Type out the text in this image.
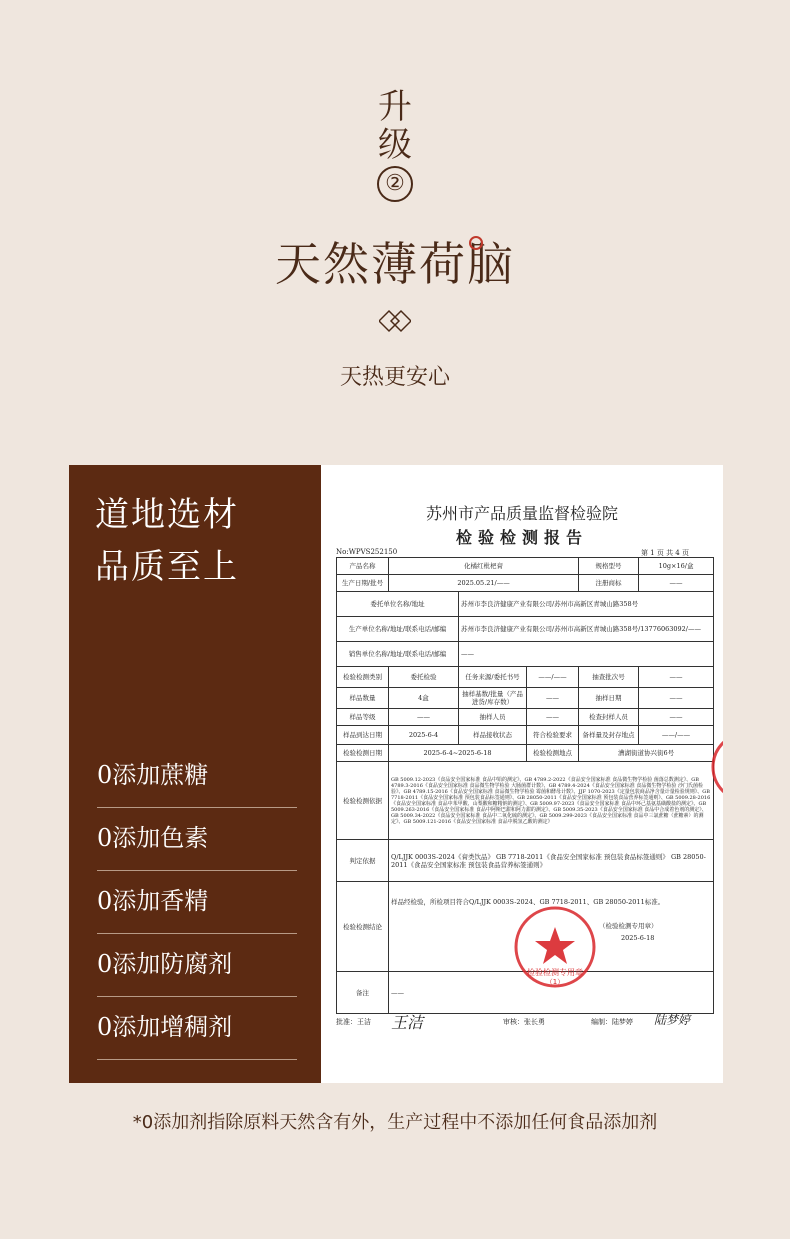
升
级
②
天然薄荷脑
天热更安心
道地选材
品质至上
0添加蔗糖
0添加色素
0添加香精
0添加防腐剂
0添加增稠剂
苏州市产品质量监督检验院
检验检测报告
No:WPVS252150	第 1 页 共 4 页
产品名称	化橘红枇杷膏			规格型号	10g×16/盒
生产日期/批号	2025.05.21/——			注册商标	——
委托单位名称/地址		苏州市李良济健康产业有限公司/苏州市高新区青城山路358号			
生产单位名称/地址/联系电话/邮编		苏州市李良济健康产业有限公司/苏州市高新区青城山路358号/13776063092/——			
销售单位名称/地址/联系电话/邮编		——			
检验检测类别	委托检验	任务来源/委托书号	——/——	抽查批次号	——
样品数量	4盒	抽样基数/批量（产品进货/库存数）	——	抽样日期	——
样品等级	——	抽样人员	——	检查封样人员	——
样品到达日期	2025-6-4	样品接收状态	符合检验要求	备样量及封存地点	——/——
检验检测日期	2025-6-4~2025-6-18		检验检测地点	漕湖街道协兴街6号	
检验检测依据	GB 5009.12-2023《食品安全国家标准 食品中铅的测定》、GB 4789.2-2022《食品安全国家标准 食品微生物学检验 菌落总数测定》、GB 4789.3-2016《食品安全国家标准 食品微生物学检验 大肠菌群计数》、GB 4789.4-2024《食品安全国家标准 食品微生物学检验 沙门氏菌检验》、GB 4789.15-2016《食品安全国家标准 食品微生物学检验 霉菌和酵母计数》、JJF 1070-2023《定量包装商品净含量计量检验规则》、GB 7718-2011《食品安全国家标准 预包装食品标签通则》、GB 28050-2011《食品安全国家标准 预包装食品营养标签通则》、GB 5009.28-2016《食品安全国家标准 食品中苯甲酸、山梨酸和糖精钠的测定》、GB 5009.97-2023《食品安全国家标准 食品中环己基氨基磺酸盐的测定》、GB 5009.263-2016《食品安全国家标准 食品中阿斯巴甜和阿力甜的测定》、GB 5009.35-2023《食品安全国家标准 食品中合成着色剂的测定》、GB 5009.34-2022《食品安全国家标准 食品中二氧化硫的测定》、GB 5009.299-2023《食品安全国家标准 食品中三氯蔗糖（蔗糖素）的测定》、GB 5009.121-2016《食品安全国家标准 食品中脱氢乙酸的测定》				
判定依据	Q/LJJK 0003S-2024《膏类饮品》 GB 7718-2011《食品安全国家标准 预包装食品标签通则》 GB 28050-2011《食品安全国家标准 预包装食品营养标签通则》				
检验检测结论	样品经检验，所检项目符合Q/LJJK 0003S-2024、GB 7718-2011、GB 28050-2011标准。
（检验检测专用章）
2025-6-18				

备注	——				
检验检测专用章
（1）
批准：王洁 王洁	审核：张长勇	编制：陆梦婷 陆梦婷
*0添加剂指除原料天然含有外，生产过程中不添加任何食品添加剂
